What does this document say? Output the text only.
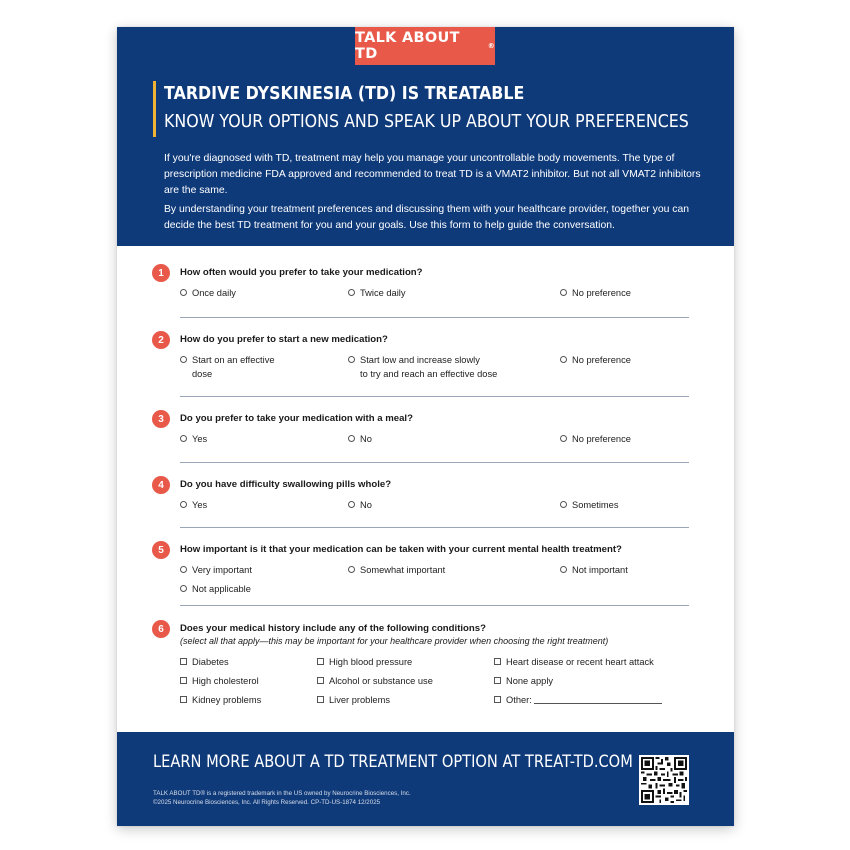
TALK ABOUT TD	®
TARDIVE DYSKINESIA (TD) IS TREATABLE
KNOW YOUR OPTIONS AND SPEAK UP ABOUT YOUR PREFERENCES

If you're diagnosed with TD, treatment may help you manage your uncontrollable body movements. The type of prescription medicine FDA approved and recommended to treat TD is a VMAT2 inhibitor. But not all VMAT2 inhibitors are the same.

By understanding your treatment preferences and discussing them with your healthcare provider, together you can decide the best TD treatment for you and your goals. Use this form to help guide the conversation.

1	How often would you prefer to take your medication?
Once daily	Twice daily	No preference
2	How do you prefer to start a new medication?
Start on an effective
dose
Start low and increase slowly
to try and reach an effective dose
No preference
3	Do you prefer to take your medication with a meal?
Yes	No	No preference
4	Do you have difficulty swallowing pills whole?
Yes	No	Sometimes
5	How important is it that your medication can be taken with your current mental health treatment?
Very important	Somewhat important	Not important
Not applicable
6	Does your medical history include any of the following conditions?
(select all that apply—this may be important for your healthcare provider when choosing the right treatment)
Diabetes	High blood pressure	Heart disease or recent heart attack
High cholesterol	Alcohol or substance use	None apply
Kidney problems	Liver problems	Other:
LEARN MORE ABOUT A TD TREATMENT OPTION AT TREAT-TD.COM
TALK ABOUT TD® is a registered trademark in the US owned by Neurocrine Biosciences, Inc.
©2025 Neurocrine Biosciences, Inc. All Rights Reserved. CP-TD-US-1874 12/2025
